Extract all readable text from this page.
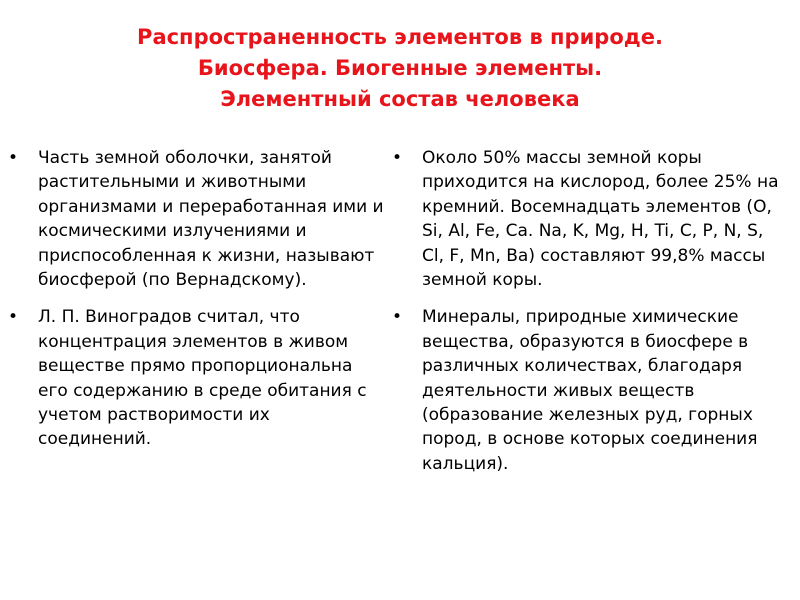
Распространенность элементов в природе.
Биосфера. Биогенные элементы.
Элементный состав человека
•	Часть земной оболочки, занятой растительными и животными организмами и переработанная ими и космическими излучениями и приспособленная к жизни, называют биосферой (по Вернадскому).
•	Л. П. Виноградов считал, что концентрация элементов в живом веществе прямо пропорциональна его содержанию в среде обитания с учетом растворимости их соединений.
•	Около 50% массы земной коры приходится на кислород, более 25% на кремний. Восемнадцать элементов (O, Si, Al, Fe, Ca. Na, K, Mg, H, Ti, C, P, N, S, Cl, F, Mn, Ba) составляют 99,8% массы земной коры.
•	Минералы, природные химические вещества, образуются в биосфере в различных количествах, благодаря деятельности живых веществ (образование железных руд, горных пород, в основе которых соединения кальция).
